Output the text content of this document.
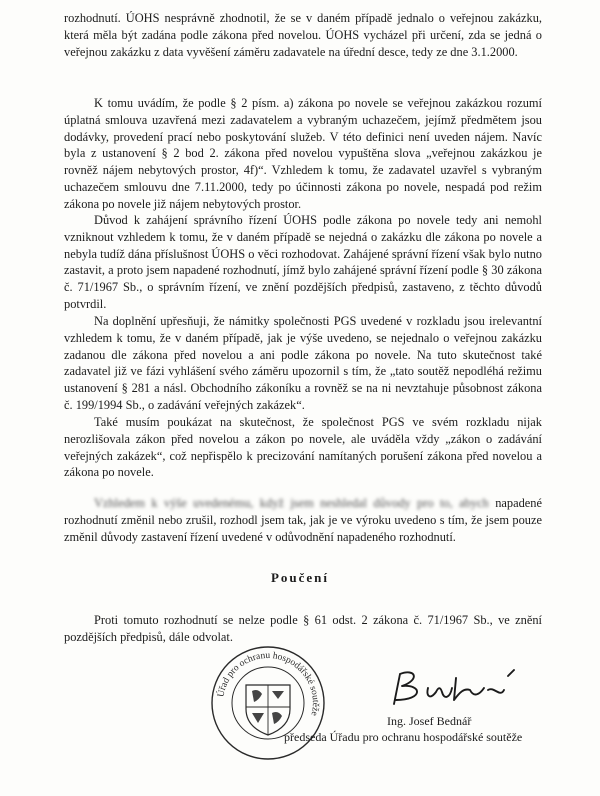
rozhodnutí. ÚOHS nesprávně zhodnotil, že se v daném případě jednalo o veřejnou zakázku, která měla být zadána podle zákona před novelou. ÚOHS vycházel při určení, zda se jedná o veřejnou zakázku z data vyvěšení záměru zadavatele na úřední desce, tedy ze dne 3.1.2000.

K tomu uvádím, že podle § 2 písm. a) zákona po novele se veřejnou zakázkou rozumí úplatná smlouva uzavřená mezi zadavatelem a vybraným uchazečem, jejímž předmětem jsou dodávky, provedení prací nebo poskytování služeb. V této definici není uveden nájem. Navíc byla z ustanovení § 2 bod 2. zákona před novelou vypuštěna slova „veřejnou zakázkou je rovněž nájem nebytových prostor, 4f)“. Vzhledem k tomu, že zadavatel uzavřel s vybraným uchazečem smlouvu dne 7.11.2000, tedy po účinnosti zákona po novele, nespadá pod režim zákona po novele již nájem nebytových prostor.

Důvod k zahájení správního řízení ÚOHS podle zákona po novele tedy ani nemohl vzniknout vzhledem k tomu, že v daném případě se nejedná o zakázku dle zákona po novele a nebyla tudíž dána příslušnost ÚOHS o věci rozhodovat. Zahájené správní řízení však bylo nutno zastavit, a proto jsem napadené rozhodnutí, jímž bylo zahájené správní řízení podle § 30 zákona č. 71/1967 Sb., o správním řízení, ve znění pozdějších předpisů, zastaveno, z těchto důvodů potvrdil.

Na doplnění upřesňuji, že námitky společnosti PGS uvedené v rozkladu jsou irelevantní vzhledem k tomu, že v daném případě, jak je výše uvedeno, se nejednalo o veřejnou zakázku zadanou dle zákona před novelou a ani podle zákona po novele. Na tuto skutečnost také zadavatel již ve fázi vyhlášení svého záměru upozornil s tím, že „tato soutěž nepodléhá režimu ustanovení § 281 a násl. Obchodního zákoníku a rovněž se na ni nevztahuje působnost zákona č. 199/1994 Sb., o zadávání veřejných zakázek“.

Také musím poukázat na skutečnost, že společnost PGS ve svém rozkladu nijak nerozlišovala zákon před novelou a zákon po novele, ale uváděla vždy „zákon o zadávání veřejných zakázek“, což nepřispělo k precizování namítaných porušení zákona před novelou a zákona po novele.

Vzhledem k výše uvedenému, když jsem neshledal důvody pro to, abych napadené rozhodnutí změnil nebo zrušil, rozhodl jsem tak, jak je ve výroku uvedeno s tím, že jsem pouze změnil důvody zastavení řízení uvedené v odůvodnění napadeného rozhodnutí.

Poučení

Proti tomuto rozhodnutí se nelze podle § 61 odst. 2 zákona č. 71/1967 Sb., ve znění pozdějších předpisů, dále odvolat.

Úřad pro ochranu hospodářské soutěže
Ing. Josef Bednář
předseda Úřadu pro ochranu hospodářské soutěže
